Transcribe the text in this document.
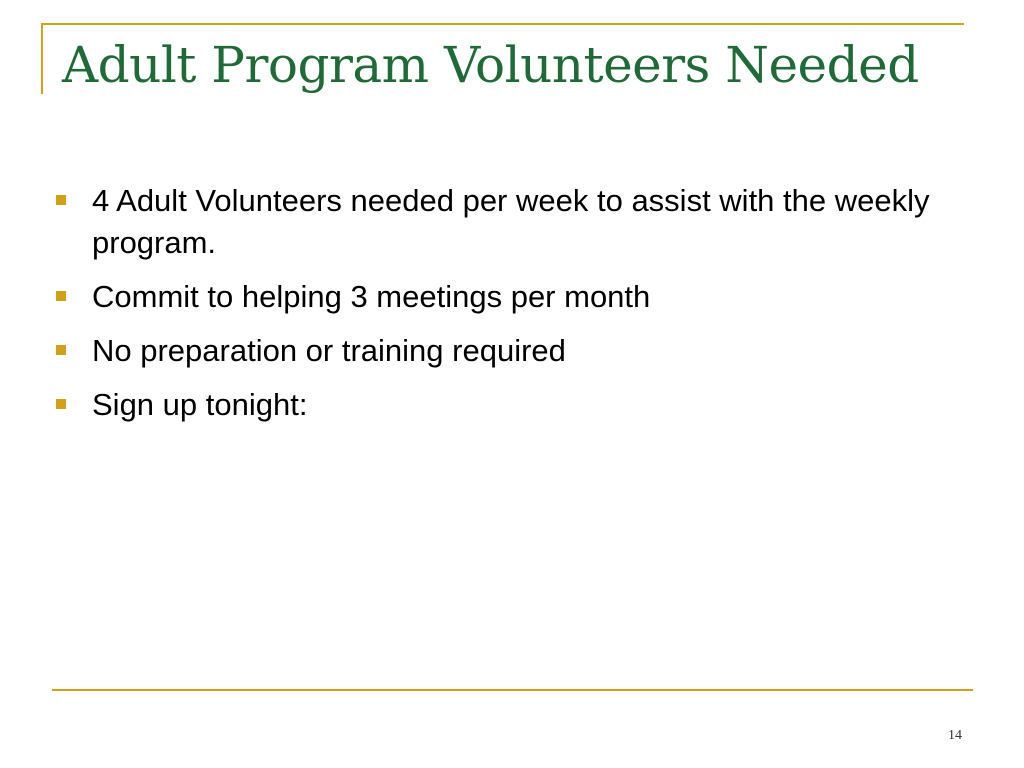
Adult Program Volunteers Needed
4 Adult Volunteers needed per week to assist with the weekly program.
Commit to helping 3 meetings per month
No preparation or training required
Sign up tonight:
14
